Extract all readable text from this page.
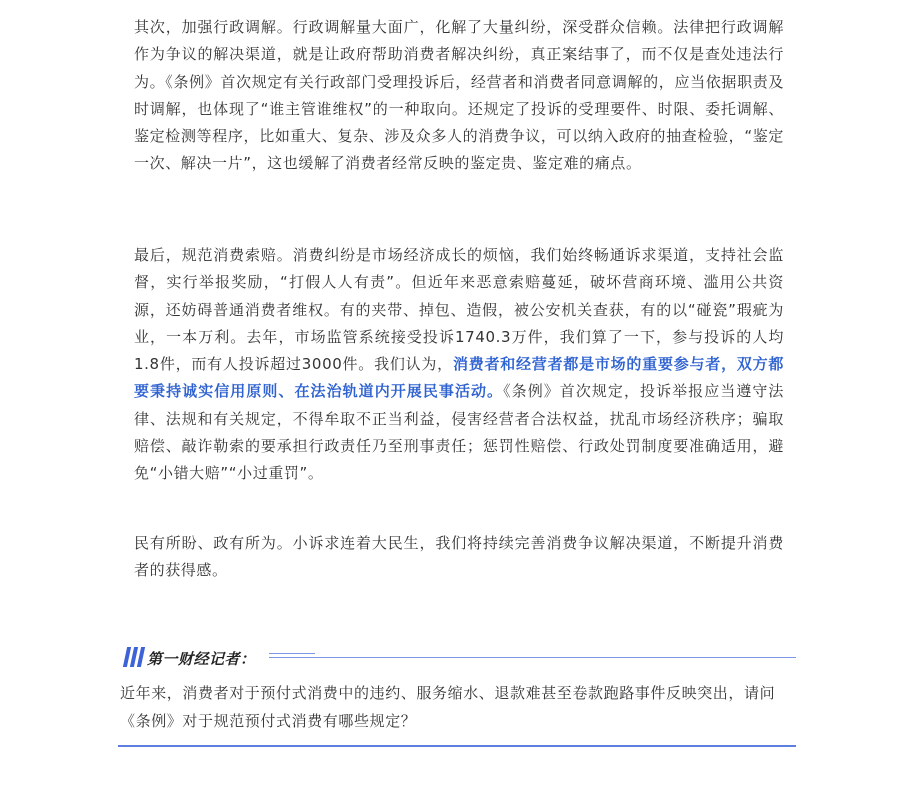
其次，加强行政调解。行政调解量大面广，化解了大量纠纷，深受群众信赖。法律把行政调解作为争议的解决渠道，就是让政府帮助消费者解决纠纷，真正案结事了，而不仅是查处违法行为。《条例》首次规定有关行政部门受理投诉后，经营者和消费者同意调解的，应当依据职责及时调解，也体现了“谁主管谁维权”的一种取向。还规定了投诉的受理要件、时限、委托调解、鉴定检测等程序，比如重大、复杂、涉及众多人的消费争议，可以纳入政府的抽查检验，“鉴定一次、解决一片”，这也缓解了消费者经常反映的鉴定贵、鉴定难的痛点。

最后，规范消费索赔。消费纠纷是市场经济成长的烦恼，我们始终畅通诉求渠道，支持社会监督，实行举报奖励，“打假人人有责”。但近年来恶意索赔蔓延，破坏营商环境、滥用公共资源，还妨碍普通消费者维权。有的夹带、掉包、造假，被公安机关查获，有的以“碰瓷”瑕疵为业，一本万利。去年，市场监管系统接受投诉1740.3万件，我们算了一下，参与投诉的人均1.8件，而有人投诉超过3000件。我们认为，消费者和经营者都是市场的重要参与者，双方都要秉持诚实信用原则、在法治轨道内开展民事活动。《条例》首次规定，投诉举报应当遵守法律、法规和有关规定，不得牟取不正当利益，侵害经营者合法权益，扰乱市场经济秩序；骗取赔偿、敲诈勒索的要承担行政责任乃至刑事责任；惩罚性赔偿、行政处罚制度要准确适用，避免“小错大赔”“小过重罚”。

民有所盼、政有所为。小诉求连着大民生，我们将持续完善消费争议解决渠道，不断提升消费者的获得感。

第一财经记者：

近年来，消费者对于预付式消费中的违约、服务缩水、退款难甚至卷款跑路事件反映突出，请问《条例》对于规范预付式消费有哪些规定？
